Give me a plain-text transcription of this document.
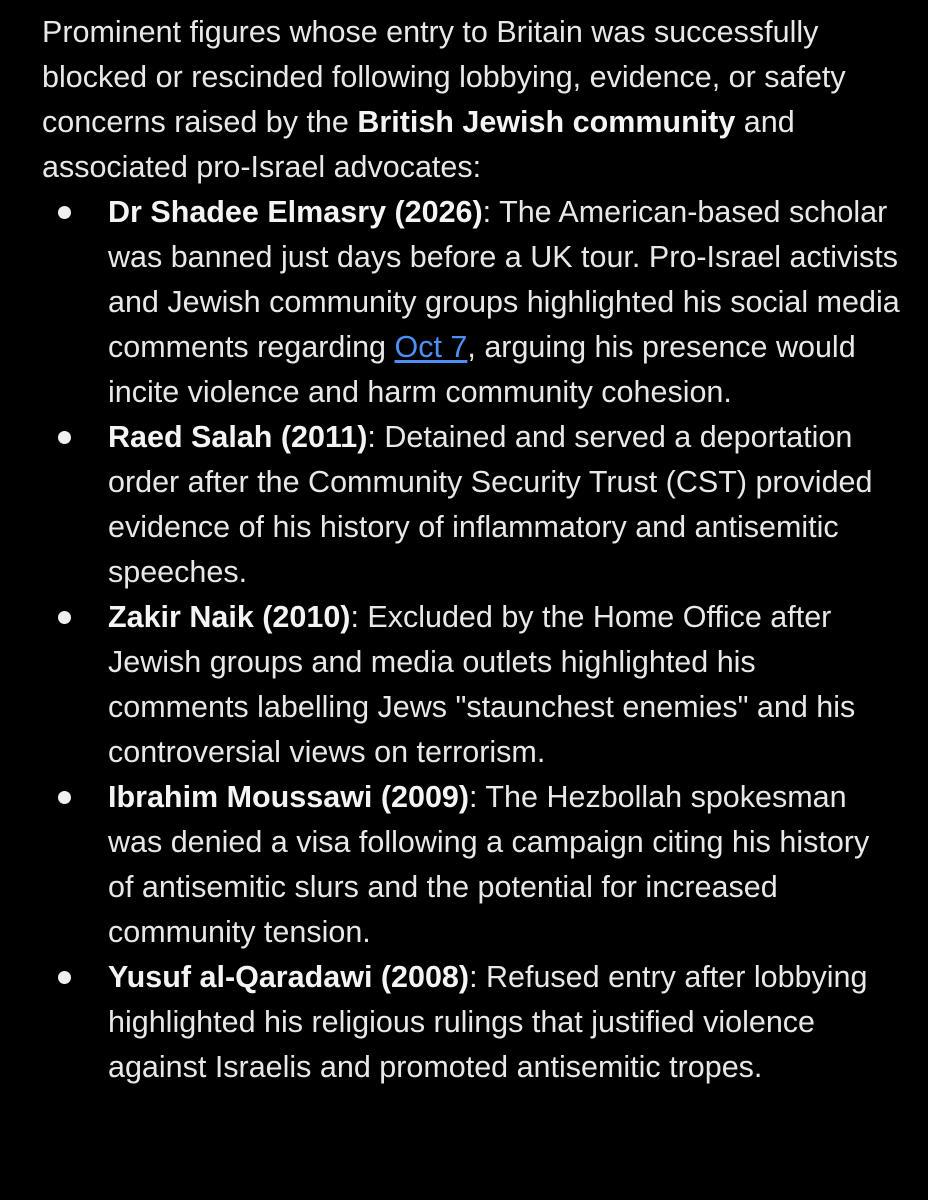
Prominent figures whose entry to Britain was successfully blocked or rescinded following lobbying, evidence, or safety concerns raised by the British Jewish community and associated pro-Israel advocates:

Dr Shadee Elmasry (2026): The American-based scholar was banned just days before a UK tour. Pro-Israel activists and Jewish community groups highlighted his social media comments regarding Oct 7, arguing his presence would incite violence and harm community cohesion.
Raed Salah (2011): Detained and served a deportation order after the Community Security Trust (CST) provided evidence of his history of inflammatory and antisemitic speeches.
Zakir Naik (2010): Excluded by the Home Office after Jewish groups and media outlets highlighted his comments labelling Jews "staunchest enemies" and his controversial views on terrorism.
Ibrahim Moussawi (2009): The Hezbollah spokesman was denied a visa following a campaign citing his history of antisemitic slurs and the potential for increased community tension.
Yusuf al-Qaradawi (2008): Refused entry after lobbying highlighted his religious rulings that justified violence against Israelis and promoted antisemitic tropes.
